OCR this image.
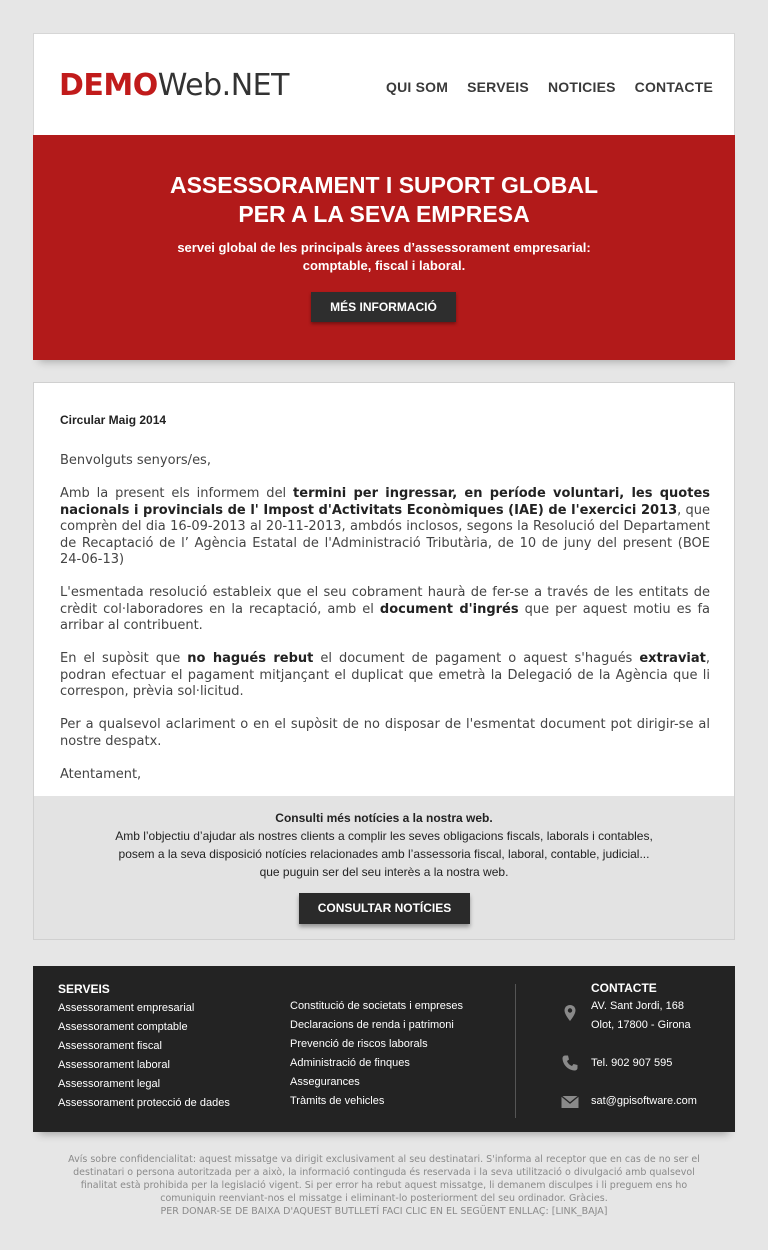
DEMOWeb.NET	QUI SOM SERVEIS NOTICIES CONTACTE
ASSESSORAMENT I SUPORT GLOBAL
PER A LA SEVA EMPRESA
servei global de les principals àrees d’assessorament empresarial:
comptable, fiscal i laboral.
MÉS INFORMACIÓ
Circular Maig 2014

Benvolguts senyors/es,

Amb la present els informem del termini per ingressar, en període voluntari, les quotes nacionals i provincials de l' Impost d'Activitats Econòmiques (IAE) de l'exercici 2013, que comprèn del dia 16-09-2013 al 20-11-2013, ambdós inclosos, segons la Resolució del Departament de Recaptació de l’ Agència Estatal de l'Administració Tributària, de 10 de juny del present (BOE 24-06-13)

L'esmentada resolució estableix que el seu cobrament haurà de fer-se a través de les entitats de crèdit col·laboradores en la recaptació, amb el document d'ingrés que per aquest motiu es fa arribar al contribuent.

En el supòsit que no hagués rebut el document de pagament o aquest s'hagués extraviat, podran efectuar el pagament mitjançant el duplicat que emetrà la Delegació de la Agència que li correspon, prèvia sol·licitud.

Per a qualsevol aclariment o en el supòsit de no disposar de l'esmentat document pot dirigir-se al nostre despatx.

Atentament,

Consulti més notícies a la nostra web.
Amb l’objectiu d’ajudar als nostres clients a complir les seves obligacions fiscals, laborals i contables,
posem a la seva disposició notícies relacionades amb l’assessoria fiscal, laboral, contable, judicial...
que puguin ser del seu interès a la nostra web.
CONSULTAR NOTÍCIES
SERVEIS
Assessorament empresarial
Assessorament comptable
Assessorament fiscal
Assessorament laboral
Assessorament legal
Assessorament protecció de dades
Constitució de societats i empreses
Declaracions de renda i patrimoni
Prevenció de riscos laborals
Administració de finques
Assegurances
Tràmits de vehicles
CONTACTE
AV. Sant Jordi, 168
Olot, 17800 - Girona
Tel. 902 907 595
sat@gpisoftware.com
Avís sobre confidencialitat: aquest missatge va dirigit exclusivament al seu destinatari. S'informa al receptor que en cas de no ser el destinatari o persona autoritzada per a això, la informació continguda és reservada i la seva utilització o divulgació amb qualsevol finalitat està prohibida per la legislació vigent. Si per error ha rebut aquest missatge, li demanem disculpes i li preguem ens ho comuniquin reenviant-nos el missatge i eliminant-lo posteriorment del seu ordinador. Gràcies.
PER DONAR-SE DE BAIXA D'AQUEST BUTLLETÍ FACI CLIC EN EL SEGÜENT ENLLAÇ: [LINK_BAJA]
